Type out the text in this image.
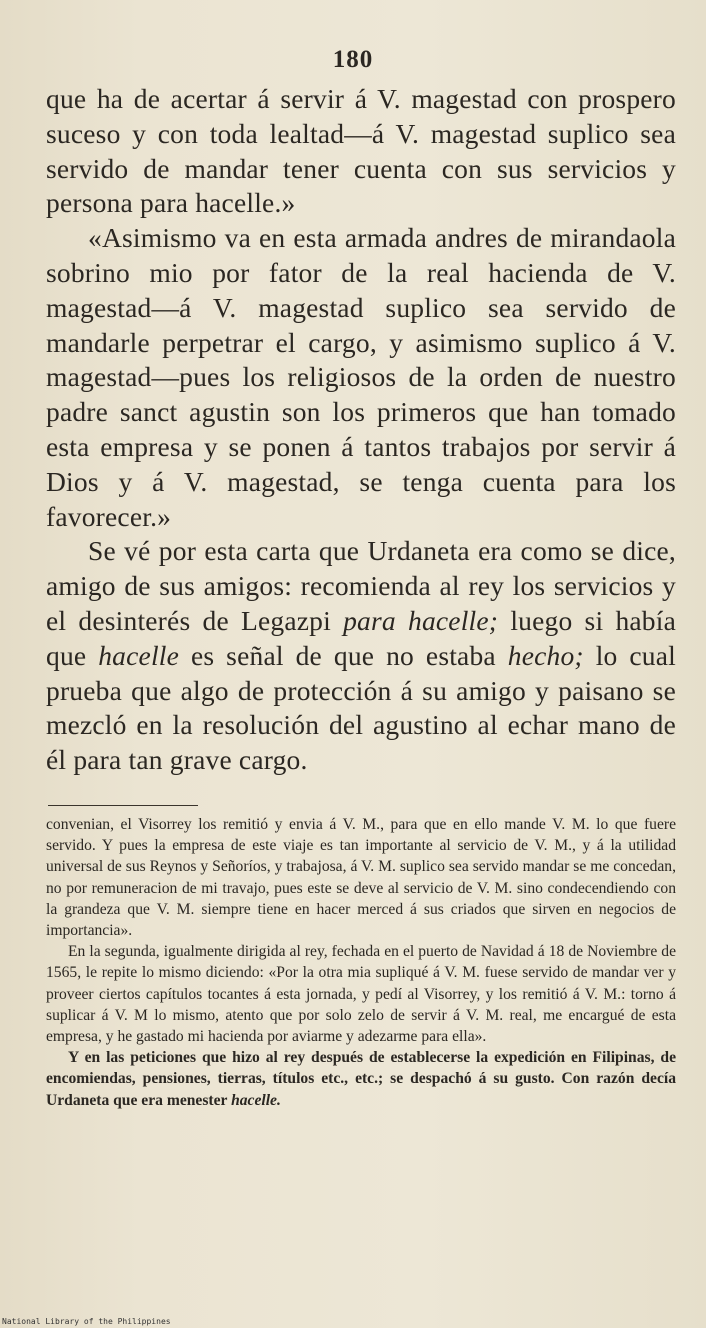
180

que ha de acertar á servir á V. magestad con prospero suceso y con toda lealtad—á V. magestad suplico sea servido de mandar tener cuenta con sus servicios y persona para hacelle.»

«Asimismo va en esta armada andres de mirandaola sobrino mio por fator de la real hacienda de V. magestad—á V. magestad suplico sea servido de mandarle perpetrar el cargo, y asimismo suplico á V. magestad—pues los religiosos de la orden de nuestro padre sanct agustin son los primeros que han tomado esta empresa y se ponen á tantos trabajos por servir á Dios y á V. magestad, se tenga cuenta para los favorecer.»

Se vé por esta carta que Urdaneta era como se dice, amigo de sus amigos: recomienda al rey los servicios y el desinterés de Legazpi para hacelle; luego si había que hacelle es señal de que no estaba hecho; lo cual prueba que algo de protección á su amigo y paisano se mezcló en la resolución del agustino al echar mano de él para tan grave cargo.

convenian, el Visorrey los remitió y envia á V. M., para que en ello mande V. M. lo que fuere servido. Y pues la empresa de este viaje es tan importante al servicio de V. M., y á la utilidad universal de sus Reynos y Señoríos, y trabajosa, á V. M. suplico sea servido mandar se me concedan, no por remuneracion de mi travajo, pues este se deve al servicio de V. M. sino condecendiendo con la grandeza que V. M. siempre tiene en hacer merced á sus criados que sirven en negocios de importancia».

En la segunda, igualmente dirigida al rey, fechada en el puerto de Navidad á 18 de Noviembre de 1565, le repite lo mismo diciendo: «Por la otra mia supliqué á V. M. fuese servido de mandar ver y proveer ciertos capítulos tocantes á esta jornada, y pedí al Visorrey, y los remitió á V. M.: torno á suplicar á V. M lo mismo, atento que por solo zelo de servir á V. M. real, me encargué de esta empresa, y he gastado mi hacienda por aviarme y adezarme para ella».

Y en las peticiones que hizo al rey después de establecerse la expedición en Filipinas, de encomiendas, pensiones, tierras, títulos etc., etc.; se despachó á su gusto. Con razón decía Urdaneta que era menester hacelle.

National Library of the Philippines
